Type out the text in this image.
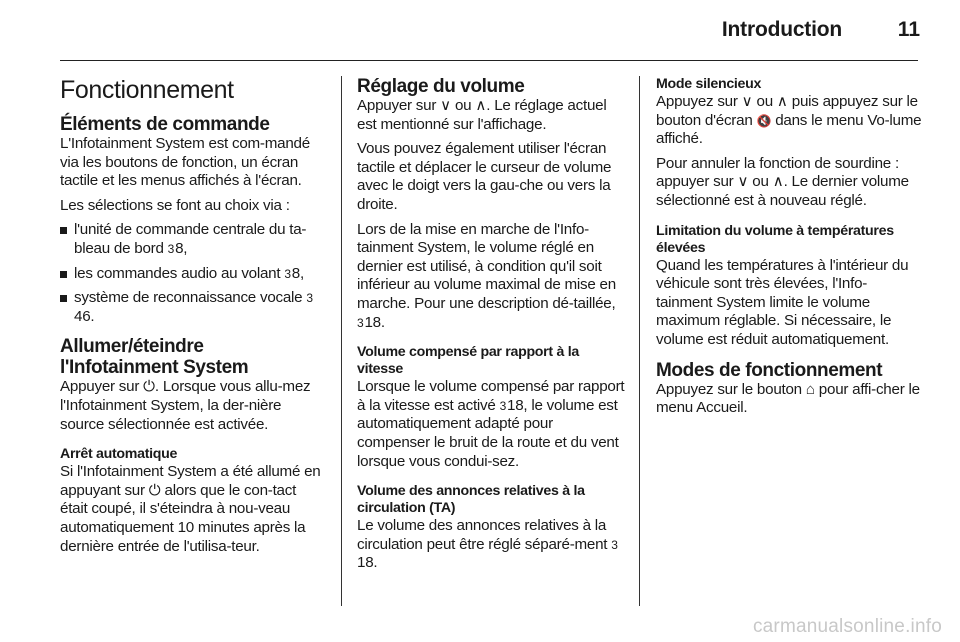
Introduction	11
Fonctionnement
Éléments de commande

L'Infotainment System est com-mandé via les boutons de fonction, un écran tactile et les menus affichés à l'écran.

Les sélections se font au choix via :

l'unité de commande centrale du ta-bleau de bord 38,
les commandes audio au volant 38,
système de reconnaissance vocale 346.
Allumer/éteindre l'Infotainment System

Appuyer sur ⏻. Lorsque vous allu-mez l'Infotainment System, la der-nière source sélectionnée est activée.

Arrêt automatique

Si l'Infotainment System a été allumé en appuyant sur ⏻ alors que le con-tact était coupé, il s'éteindra à nou-veau automatiquement 10 minutes après la dernière entrée de l'utilisa-teur.

Réglage du volume

Appuyer sur ∨ ou ∧. Le réglage actuel est mentionné sur l'affichage.

Vous pouvez également utiliser l'écran tactile et déplacer le curseur de volume avec le doigt vers la gau-che ou vers la droite.

Lors de la mise en marche de l'Info-tainment System, le volume réglé en dernier est utilisé, à condition qu'il soit inférieur au volume maximal de mise en marche. Pour une description dé-taillée, 318.

Volume compensé par rapport à la vitesse

Lorsque le volume compensé par rapport à la vitesse est activé 318, le volume est automatiquement adapté pour compenser le bruit de la route et du vent lorsque vous condui-sez.

Volume des annonces relatives à la circulation (TA)

Le volume des annonces relatives à la circulation peut être réglé séparé-ment 318.

Mode silencieux

Appuyez sur ∨ ou ∧ puis appuyez sur le bouton d'écran 🔇 dans le menu Vo-lume affiché.

Pour annuler la fonction de sourdine : appuyer sur ∨ ou ∧. Le dernier volume sélectionné est à nouveau réglé.

Limitation du volume à températures élevées

Quand les températures à l'intérieur du véhicule sont très élevées, l'Info-tainment System limite le volume maximum réglable. Si nécessaire, le volume est réduit automatiquement.

Modes de fonctionnement

Appuyez sur le bouton ⌂ pour affi-cher le menu Accueil.

carmanualsonline.info
